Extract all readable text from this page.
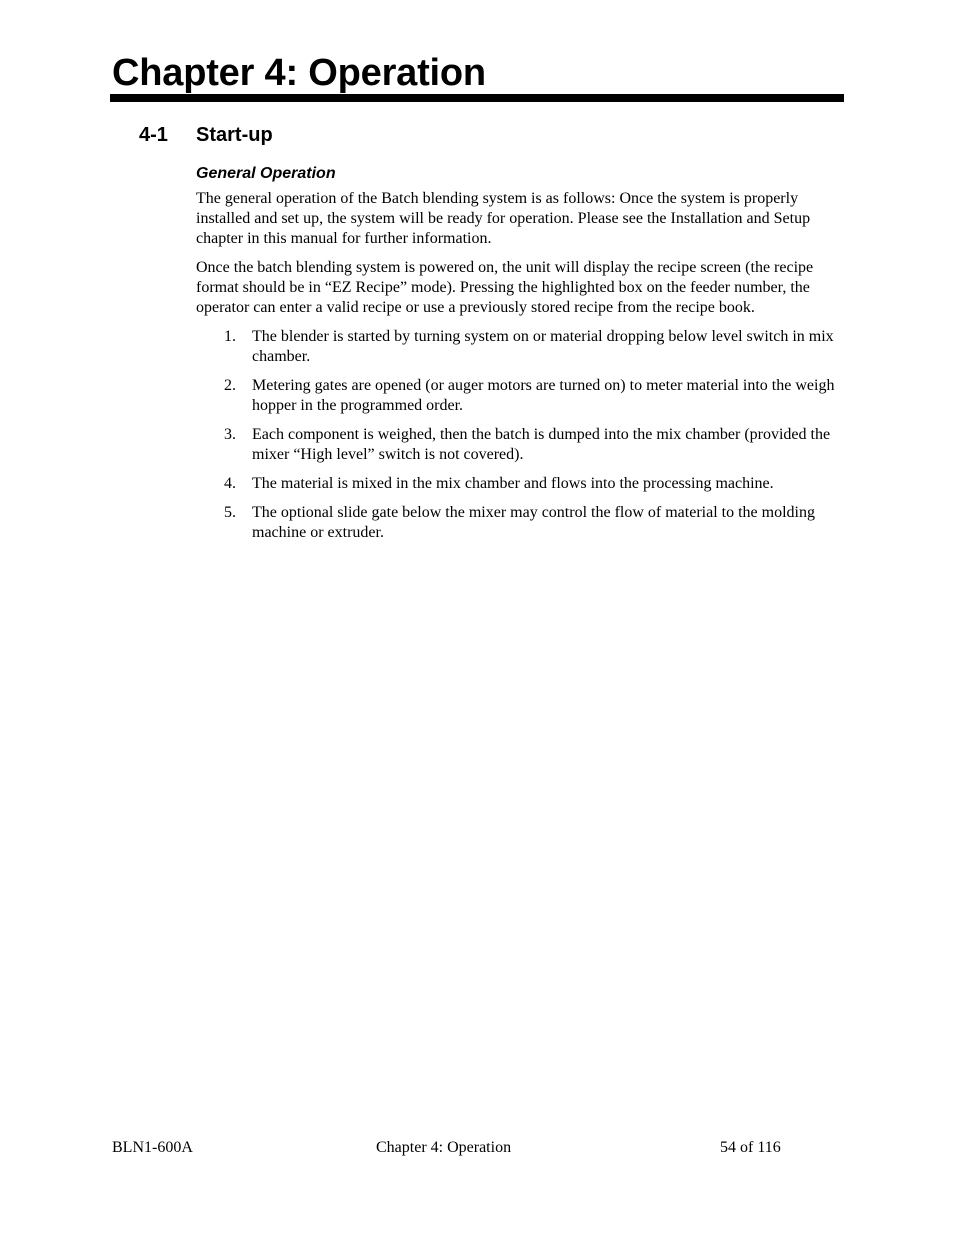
Chapter 4: Operation
4-1 Start-up
General Operation

The general operation of the Batch blending system is as follows: Once the system is properly installed and set up, the system will be ready for operation. Please see the Installation and Setup chapter in this manual for further information.

Once the batch blending system is powered on, the unit will display the recipe screen (the recipe format should be in “EZ Recipe” mode). Pressing the highlighted box on the feeder number, the operator can enter a valid recipe or use a previously stored recipe from the recipe book.

1. The blender is started by turning system on or material dropping below level switch in mix chamber.
2. Metering gates are opened (or auger motors are turned on) to meter material into the weigh hopper in the programmed order.
3. Each component is weighed, then the batch is dumped into the mix chamber (provided the mixer “High level” switch is not covered).
4. The material is mixed in the mix chamber and flows into the processing machine.
5. The optional slide gate below the mixer may control the flow of material to the molding machine or extruder.
BLN1-600A	Chapter 4: Operation	54 of 116
